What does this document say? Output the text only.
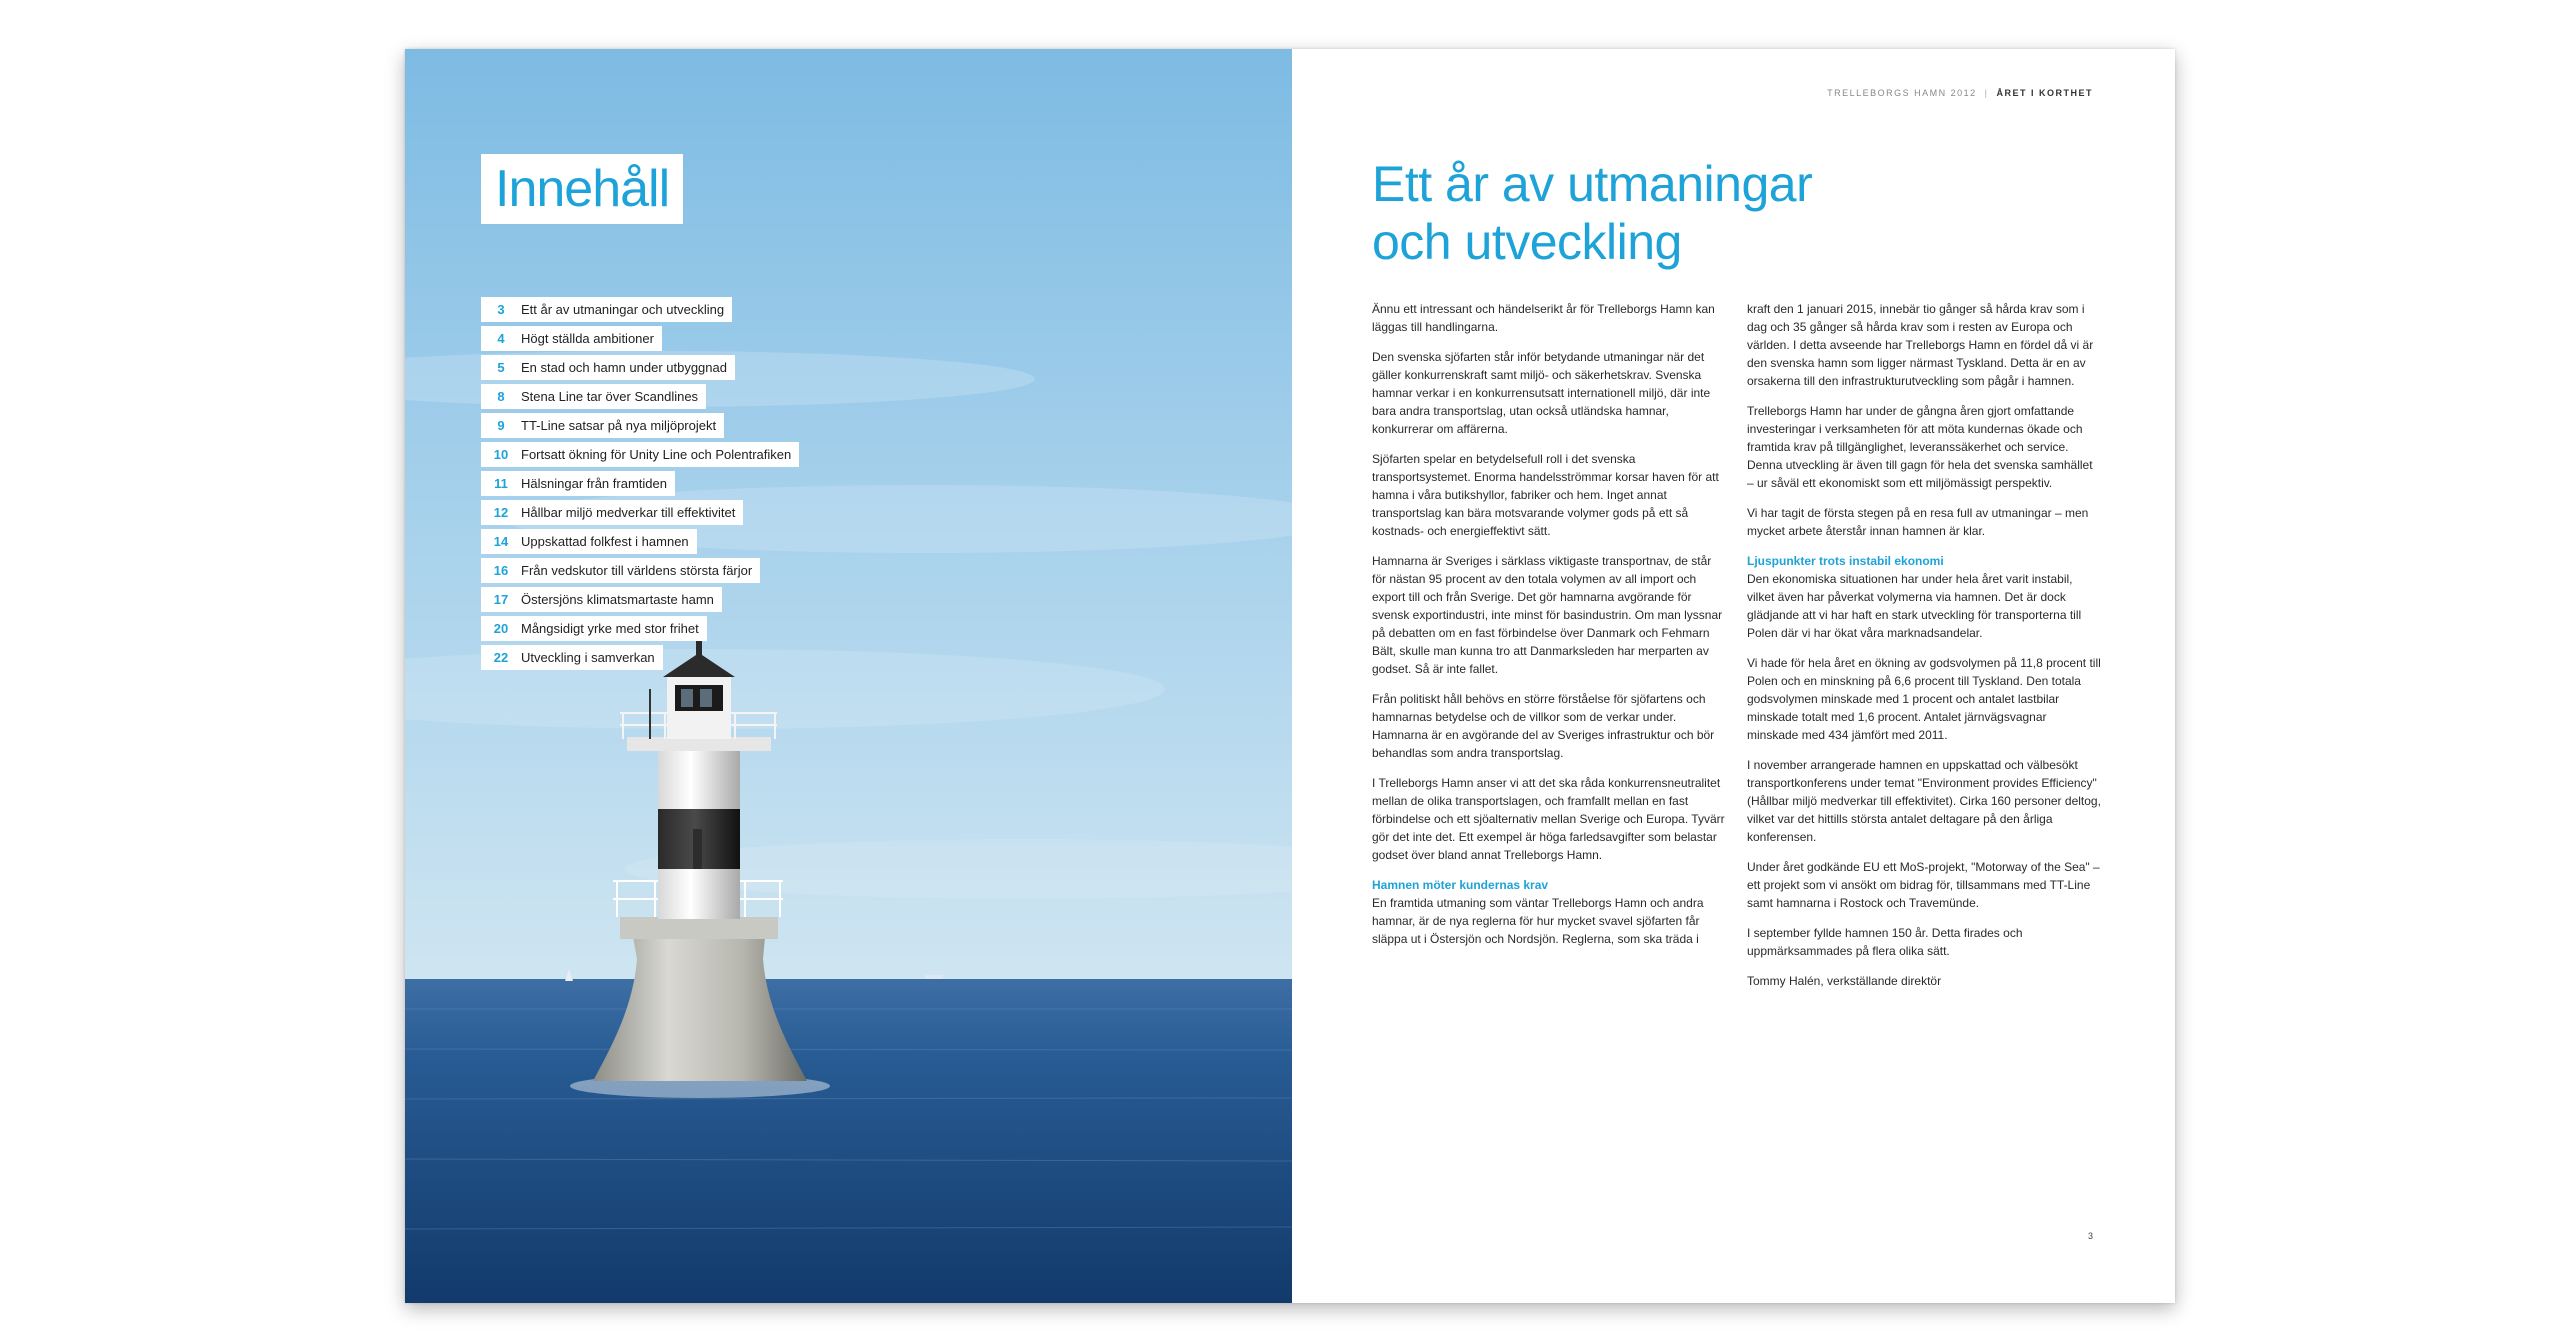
Innehåll
3	Ett år av utmaningar och utveckling
4	Högt ställda ambitioner
5	En stad och hamn under utbyggnad
8	Stena Line tar över Scandlines
9	TT-Line satsar på nya miljöprojekt
10 Fortsatt ökning för Unity Line och Polentrafiken
11	Hälsningar från framtiden
12 Hållbar miljö medverkar till effektivitet
14 Uppskattad folkfest i hamnen
16 Från vedskutor till världens största färjor
17 Östersjöns klimatsmartaste hamn
20 Mångsidigt yrke med stor frihet
22 Utveckling i samverkan
TRELLEBORGS HAMN 2012 | ÅRET I KORTHET
Ett år av utmaningar
och utveckling

Ännu ett intressant och händelserikt år för Trelleborgs Hamn kan läggas till handlingarna.

Den svenska sjöfarten står inför betydande utmaningar när det gäller konkurrenskraft samt miljö- och säkerhetskrav. Svenska hamnar verkar i en konkurrensutsatt internationell miljö, där inte bara andra transportslag, utan också utländska hamnar, konkurrerar om affärerna.

Sjöfarten spelar en betydelsefull roll i det svenska transportsystemet. Enorma handelsströmmar korsar haven för att hamna i våra butikshyllor, fabriker och hem. Inget annat transportslag kan bära motsvarande volymer gods på ett så kostnads- och energieffektivt sätt.

Hamnarna är Sveriges i särklass viktigaste transportnav, de står för nästan 95 procent av den totala volymen av all import och export till och från Sverige. Det gör hamnarna avgörande för svensk exportindustri, inte minst för basindustrin. Om man lyssnar på debatten om en fast förbindelse över Danmark och Fehmarn Bält, skulle man kunna tro att Danmarksleden har merparten av godset. Så är inte fallet.

Från politiskt håll behövs en större förståelse för sjöfartens och hamnarnas betydelse och de villkor som de verkar under. Hamnarna är en avgörande del av Sveriges infrastruktur och bör behandlas som andra transportslag.

I Trelleborgs Hamn anser vi att det ska råda konkurrensneutralitet mellan de olika transportslagen, och framfallt mellan en fast förbindelse och ett sjöalternativ mellan Sverige och Europa. Tyvärr gör det inte det. Ett exempel är höga farledsavgifter som belastar godset över bland annat Trelleborgs Hamn.

Hamnen möter kundernas krav

En framtida utmaning som väntar Trelleborgs Hamn och andra hamnar, är de nya reglerna för hur mycket svavel sjöfarten får släppa ut i Östersjön och Nordsjön. Reglerna, som ska träda i

kraft den 1 januari 2015, innebär tio gånger så hårda krav som i dag och 35 gånger så hårda krav som i resten av Europa och världen. I detta avseende har Trelleborgs Hamn en fördel då vi är den svenska hamn som ligger närmast Tyskland. Detta är en av orsakerna till den infrastrukturutveckling som pågår i hamnen.

Trelleborgs Hamn har under de gångna åren gjort omfattande investeringar i verksamheten för att möta kundernas ökade och framtida krav på tillgänglighet, leveranssäkerhet och service. Denna utveckling är även till gagn för hela det svenska samhället – ur såväl ett ekonomiskt som ett miljömässigt perspektiv.

Vi har tagit de första stegen på en resa full av utmaningar – men mycket arbete återstår innan hamnen är klar.

Ljuspunkter trots instabil ekonomi

Den ekonomiska situationen har under hela året varit instabil, vilket även har påverkat volymerna via hamnen. Det är dock glädjande att vi har haft en stark utveckling för transporterna till Polen där vi har ökat våra marknadsandelar.

Vi hade för hela året en ökning av godsvolymen på 11,8 procent till Polen och en minskning på 6,6 procent till Tyskland. Den totala godsvolymen minskade med 1 procent och antalet lastbilar minskade totalt med 1,6 procent. Antalet järnvägsvagnar minskade med 434 jämfört med 2011.

I november arrangerade hamnen en uppskattad och välbesökt transportkonferens under temat "Environment provides Efficiency" (Hållbar miljö medverkar till effektivitet). Cirka 160 personer deltog, vilket var det hittills största antalet deltagare på den årliga konferensen.

Under året godkände EU ett MoS-projekt, "Motorway of the Sea" – ett projekt som vi ansökt om bidrag för, tillsammans med TT-Line samt hamnarna i Rostock och Travemünde.

I september fyllde hamnen 150 år. Detta firades och uppmärksammades på flera olika sätt.

Tommy Halén, verkställande direktör

3
